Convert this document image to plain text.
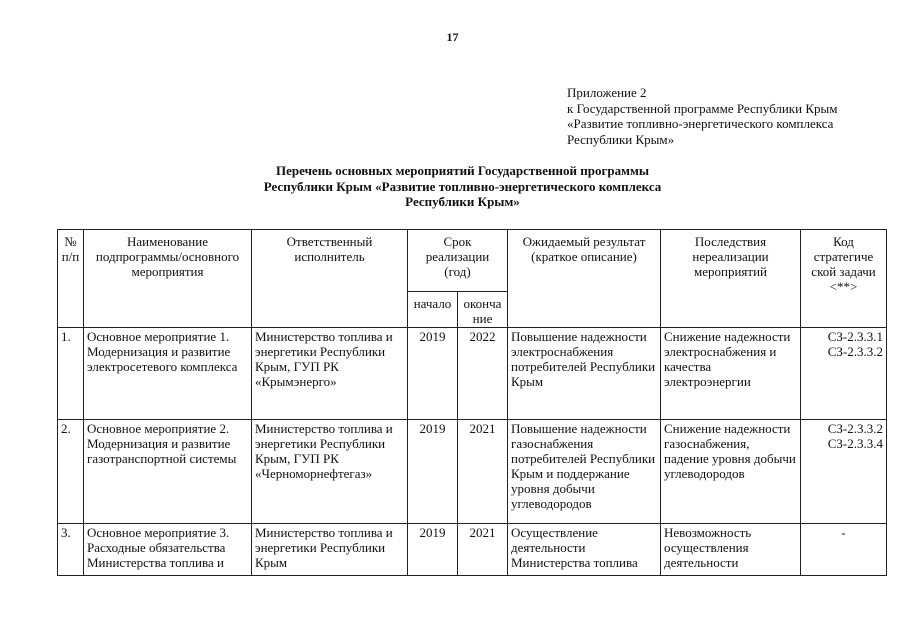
17
Приложение 2
к Государственной программе Республики Крым
«Развитие топливно-энергетического комплекса
Республики Крым»
Перечень основных мероприятий Государственной программы
Республики Крым «Развитие топливно-энергетического комплекса
Республики Крым»
№ п/п	Наименование подпрограммы/основного мероприятия	Ответственный исполнитель	Срок реализации (год)		Ожидаемый результат (краткое описание)	Последствия нереализации мероприятий	Код стратегиче ской задачи <**>
			начало	оконча ние			
1.	Основное мероприятие 1. Модернизация и развитие электросетевого комплекса	Министерство топлива и энергетики Республики Крым, ГУП РК «Крымэнерго»	2019	2022	Повышение надежности электроснабжения потребителей Республики Крым	Снижение надежности электроснабжения и качества электроэнергии	СЗ-2.3.3.1
СЗ-2.3.3.2

2.	Основное мероприятие 2. Модернизация и развитие газотранспортной системы	Министерство топлива и энергетики Республики Крым, ГУП РК «Черноморнефтегаз»	2019	2021	Повышение надежности газоснабжения потребителей Республики Крым и поддержание уровня добычи углеводородов	Снижение надежности газоснабжения, падение уровня добычи углеводородов	СЗ-2.3.3.2
СЗ-2.3.3.4

3.	Основное мероприятие 3. Расходные обязательства Министерства топлива и	Министерство топлива и энергетики Республики Крым	2019	2021	Осуществление деятельности Министерства топлива	Невозможность осуществления деятельности	-
